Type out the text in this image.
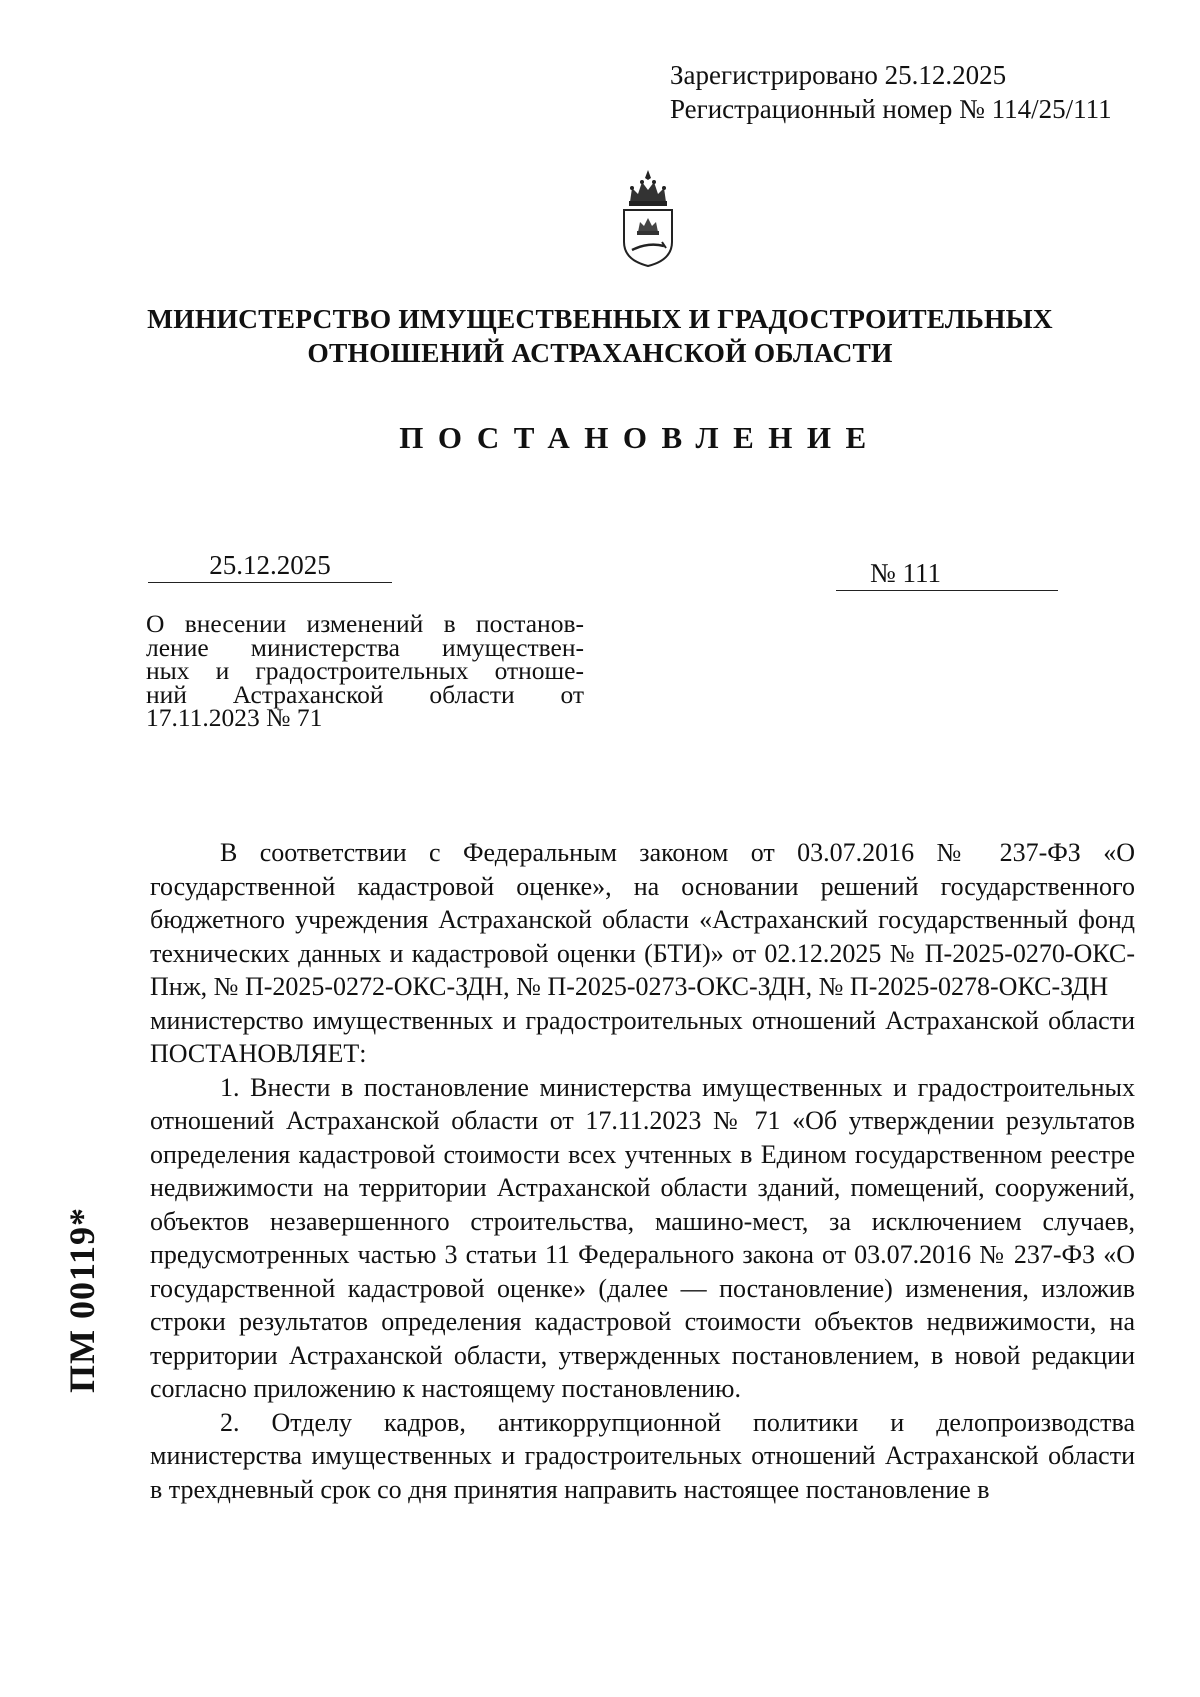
Зарегистрировано 25.12.2025
Регистрационный номер № 114/25/111
МИНИСТЕРСТВО ИМУЩЕСТВЕННЫХ И ГРАДОСТРОИТЕЛЬНЫХ
ОТНОШЕНИЙ АСТРАХАНСКОЙ ОБЛАСТИ
ПОСТАНОВЛЕНИЕ
25.12.2025	№ 111
О внесении изменений в постанов-
ление министерства имуществен-
ных и градостроительных отноше-
ний Астраханской области от
17.11.2023 № 71

В соответствии с Федеральным законом от 03.07.2016 № 237-ФЗ «О государственной кадастровой оценке», на основании решений государственного бюджетного учреждения Астраханской области «Астраханский государственный фонд технических данных и кадастровой оценки (БТИ)» от 02.12.2025 № П-2025-0270-ОКС-Пнж, № П-2025-0272-ОКС-ЗДН, № П-2025-0273-ОКС-ЗДН, № П-2025-0278-ОКС-ЗДН

министерство имущественных и градостроительных отношений Астраханской области ПОСТАНОВЛЯЕТ:

1. Внести в постановление министерства имущественных и градостроительных отношений Астраханской области от 17.11.2023 № 71 «Об утверждении результатов определения кадастровой стоимости всех учтенных в Едином государственном реестре недвижимости на территории Астраханской области зданий, помещений, сооружений, объектов незавершенного строительства, машино-мест, за исключением случаев, предусмотренных частью 3 статьи 11 Федерального закона от 03.07.2016 № 237-ФЗ «О государственной кадастровой оценке» (далее — постановление) изменения, изложив строки результатов определения кадастровой стоимости объектов недвижимости, на территории Астраханской области, утвержденных постановлением, в новой редакции согласно приложению к настоящему постановлению.

2. Отделу кадров, антикоррупционной политики и делопроизводства министерства имущественных и градостроительных отношений Астраханской области в трехдневный срок со дня принятия направить настоящее постановление в

ПМ 00119*
